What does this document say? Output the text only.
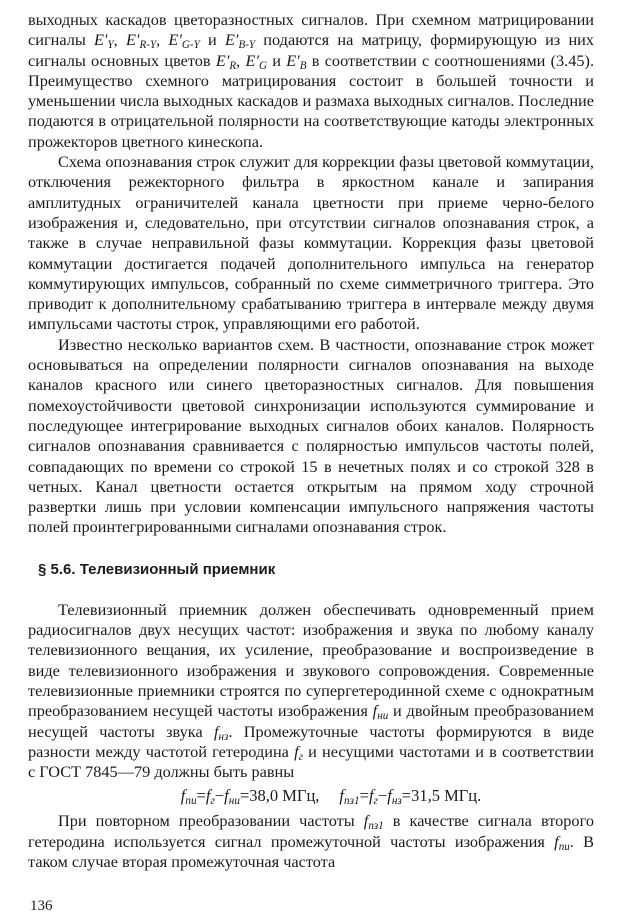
выходных каскадов цветоразностных сигналов. При схемном матрицировании сигналы $E'_Y$, $E'_{R-Y}$, $E'_{G-Y}$ и $E'_{B-Y}$ подаются на матрицу, формирующую из них сигналы основных цветов $E'_R$, $E'_G$ и $E'_B$ в соответствии с соотношениями (3.45). Преимущество схемного матрицирования состоит в большей точности и уменьшении числа выходных каскадов и размаха выходных сигналов. Последние подаются в отрицательной полярности на соответствующие катоды электронных прожекторов цветного кинескопа.

Схема опознавания строк служит для коррекции фазы цветовой коммутации, отключения режекторного фильтра в яркостном канале и запирания амплитудных ограничителей канала цветности при приеме черно-белого изображения и, следовательно, при отсутствии сигналов опознавания строк, а также в случае неправильной фазы коммутации. Коррекция фазы цветовой коммутации достигается подачей дополнительного импульса на генератор коммутирующих импульсов, собранный по схеме симметричного триггера. Это приводит к дополнительному срабатыванию триггера в интервале между двумя импульсами частоты строк, управляющими его работой.

Известно несколько вариантов схем. В частности, опознавание строк может основываться на определении полярности сигналов опознавания на выходе каналов красного или синего цветоразностных сигналов. Для повышения помехоустойчивости цветовой синхронизации используются суммирование и последующее интегрирование выходных сигналов обоих каналов. Полярность сигналов опознавания сравнивается с полярностью импульсов частоты полей, совпадающих по времени со строкой 15 в нечетных полях и со строкой 328 в четных. Канал цветности остается открытым на прямом ходу строчной развертки лишь при условии компенсации импульсного напряжения частоты полей проинтегрированными сигналами опознавания строк.

§ 5.6. Телевизионный приемник

Телевизионный приемник должен обеспечивать одновременный прием радиосигналов двух несущих частот: изображения и звука по любому каналу телевизионного вещания, их усиление, преобразование и воспроизведение в виде телевизионного изображения и звукового сопровождения. Современные телевизионные приемники строятся по супергетеродинной схеме с однократным преобразованием несущей частоты изображения $f_{ни}$ и двойным преобразованием несущей частоты звука $f_{нз}$. Промежуточные частоты формируются в виде разности между частотой гетеродина $f_г$ и несущими частотами и в соответствии с ГОСТ 7845—79 должны быть равны

$f_{пи}=f_г-f_{ни}=38,0$ МГц, $f_{пз1}=f_г-f_{нз}=31,5$ МГц.

При повторном преобразовании частоты $f_{пз1}$ в качестве сигнала второго гетеродина используется сигнал промежуточной частоты изображения $f_{пи}$. В таком случае вторая промежуточная частота

136
